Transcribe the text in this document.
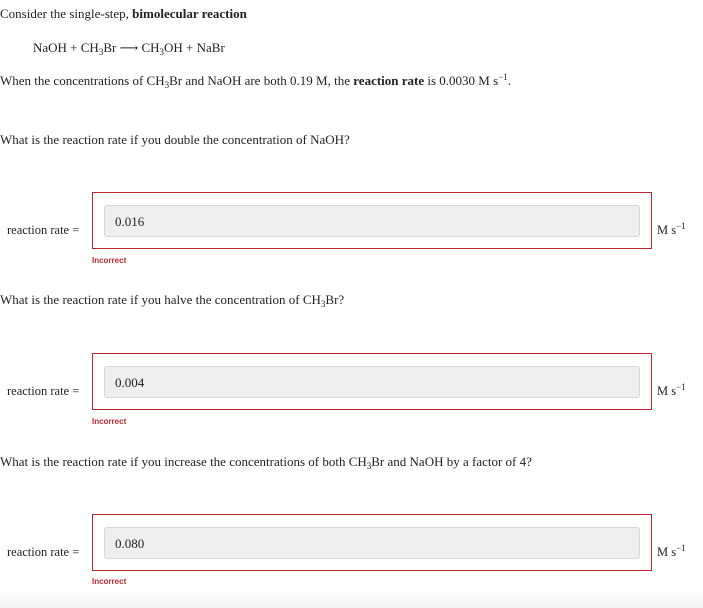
Consider the single-step, bimolecular reaction
NaOH + $CH_3Br$ ⟶ $CH_3OH$ + NaBr
When the concentrations of $CH_3Br$ and NaOH are both 0.19 M, the reaction rate is 0.0030 M $s^{-1}$.
What is the reaction rate if you double the concentration of NaOH?
reaction rate =
0.016
M $s^{-1}$
Incorrect
What is the reaction rate if you halve the concentration of $CH_3Br$?
reaction rate =
0.004
M $s^{-1}$
Incorrect
What is the reaction rate if you increase the concentrations of both $CH_3Br$ and NaOH by a factor of 4?
reaction rate =
0.080
M $s^{-1}$
Incorrect
